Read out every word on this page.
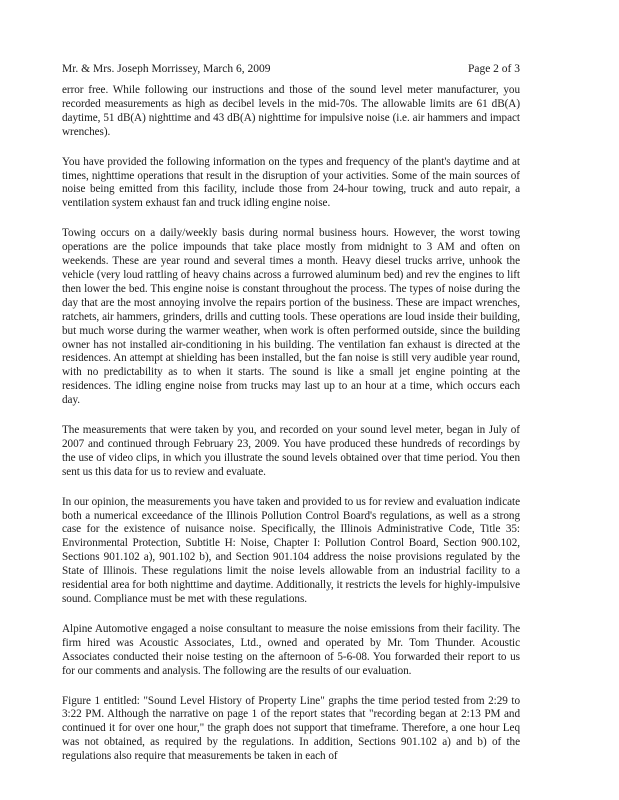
Mr. & Mrs. Joseph Morrissey, March 6, 2009	Page 2 of 3

error free. While following our instructions and those of the sound level meter manufacturer, you recorded measurements as high as decibel levels in the mid-70s. The allowable limits are 61 dB(A) daytime, 51 dB(A) nighttime and 43 dB(A) nighttime for impulsive noise (i.e. air hammers and impact wrenches).

You have provided the following information on the types and frequency of the plant's daytime and at times, nighttime operations that result in the disruption of your activities. Some of the main sources of noise being emitted from this facility, include those from 24-hour towing, truck and auto repair, a ventilation system exhaust fan and truck idling engine noise.

Towing occurs on a daily/weekly basis during normal business hours. However, the worst towing operations are the police impounds that take place mostly from midnight to 3 AM and often on weekends. These are year round and several times a month. Heavy diesel trucks arrive, unhook the vehicle (very loud rattling of heavy chains across a furrowed aluminum bed) and rev the engines to lift then lower the bed. This engine noise is constant throughout the process. The types of noise during the day that are the most annoying involve the repairs portion of the business. These are impact wrenches, ratchets, air hammers, grinders, drills and cutting tools. These operations are loud inside their building, but much worse during the warmer weather, when work is often performed outside, since the building owner has not installed air-conditioning in his building. The ventilation fan exhaust is directed at the residences. An attempt at shielding has been installed, but the fan noise is still very audible year round, with no predictability as to when it starts. The sound is like a small jet engine pointing at the residences. The idling engine noise from trucks may last up to an hour at a time, which occurs each day.

The measurements that were taken by you, and recorded on your sound level meter, began in July of 2007 and continued through February 23, 2009. You have produced these hundreds of recordings by the use of video clips, in which you illustrate the sound levels obtained over that time period. You then sent us this data for us to review and evaluate.

In our opinion, the measurements you have taken and provided to us for review and evaluation indicate both a numerical exceedance of the Illinois Pollution Control Board's regulations, as well as a strong case for the existence of nuisance noise. Specifically, the Illinois Administrative Code, Title 35: Environmental Protection, Subtitle H: Noise, Chapter I: Pollution Control Board, Section 900.102, Sections 901.102 a), 901.102 b), and Section 901.104 address the noise provisions regulated by the State of Illinois. These regulations limit the noise levels allowable from an industrial facility to a residential area for both nighttime and daytime. Additionally, it restricts the levels for highly-impulsive sound. Compliance must be met with these regulations.

Alpine Automotive engaged a noise consultant to measure the noise emissions from their facility. The firm hired was Acoustic Associates, Ltd., owned and operated by Mr. Tom Thunder. Acoustic Associates conducted their noise testing on the afternoon of 5-6-08. You forwarded their report to us for our comments and analysis. The following are the results of our evaluation.

Figure 1 entitled: "Sound Level History of Property Line" graphs the time period tested from 2:29 to 3:22 PM. Although the narrative on page 1 of the report states that "recording began at 2:13 PM and continued it for over one hour," the graph does not support that timeframe. Therefore, a one hour Leq was not obtained, as required by the regulations. In addition, Sections 901.102 a) and b) of the regulations also require that measurements be taken in each of
